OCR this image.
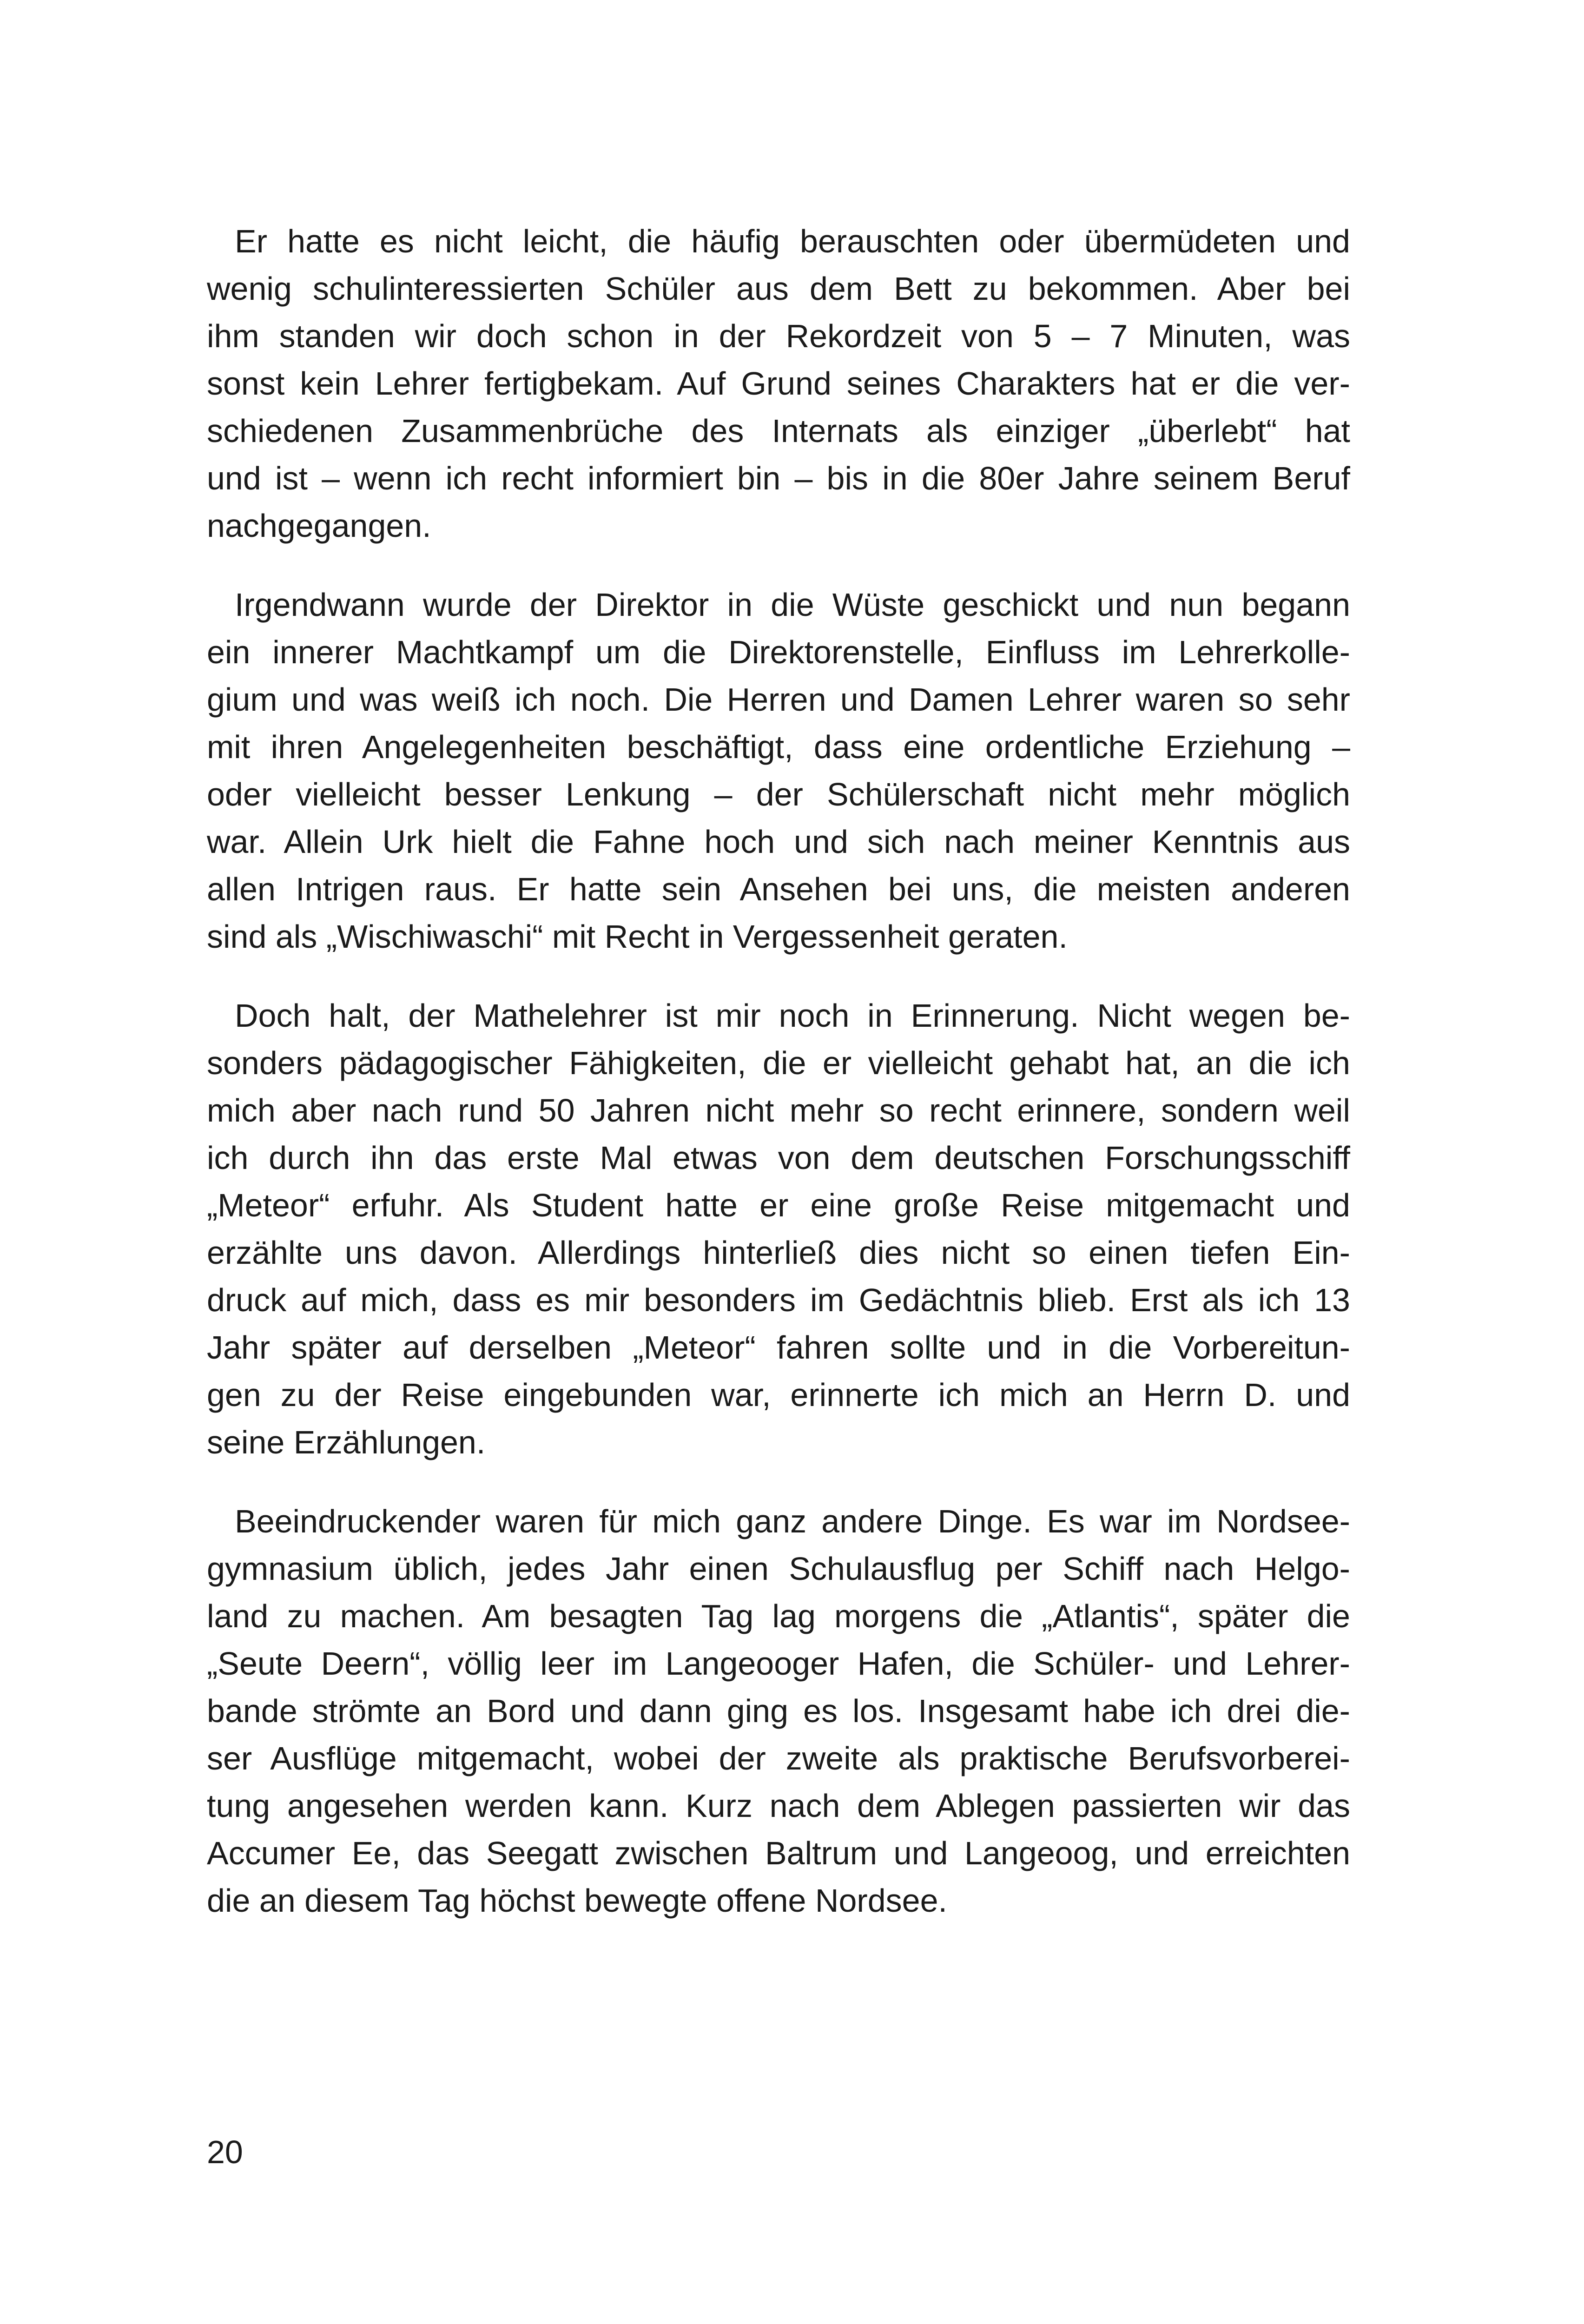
Er hatte es nicht leicht, die häufig berauschten oder übermüdeten und
wenig schulinteressierten Schüler aus dem Bett zu bekommen. Aber bei
ihm standen wir doch schon in der Rekordzeit von 5 – 7 Minuten, was
sonst kein Lehrer fertigbekam. Auf Grund seines Charakters hat er die ver-
schiedenen Zusammenbrüche des Internats als einziger „überlebt“ hat
und ist – wenn ich recht informiert bin – bis in die 80er Jahre seinem Beruf
nachgegangen.

Irgendwann wurde der Direktor in die Wüste geschickt und nun begann
ein innerer Machtkampf um die Direktorenstelle, Einfluss im Lehrerkolle-
gium und was weiß ich noch. Die Herren und Damen Lehrer waren so sehr
mit ihren Angelegenheiten beschäftigt, dass eine ordentliche Erziehung –
oder vielleicht besser Lenkung – der Schülerschaft nicht mehr möglich
war. Allein Urk hielt die Fahne hoch und sich nach meiner Kenntnis aus
allen Intrigen raus. Er hatte sein Ansehen bei uns, die meisten anderen
sind als „Wischiwaschi“ mit Recht in Vergessenheit geraten.

Doch halt, der Mathelehrer ist mir noch in Erinnerung. Nicht wegen be-
sonders pädagogischer Fähigkeiten, die er vielleicht gehabt hat, an die ich
mich aber nach rund 50 Jahren nicht mehr so recht erinnere, sondern weil
ich durch ihn das erste Mal etwas von dem deutschen Forschungsschiff
„Meteor“ erfuhr. Als Student hatte er eine große Reise mitgemacht und
erzählte uns davon. Allerdings hinterließ dies nicht so einen tiefen Ein-
druck auf mich, dass es mir besonders im Gedächtnis blieb. Erst als ich 13
Jahr später auf derselben „Meteor“ fahren sollte und in die Vorbereitun-
gen zu der Reise eingebunden war, erinnerte ich mich an Herrn D. und
seine Erzählungen.

Beeindruckender waren für mich ganz andere Dinge. Es war im Nordsee-
gymnasium üblich, jedes Jahr einen Schulausflug per Schiff nach Helgo-
land zu machen. Am besagten Tag lag morgens die „Atlantis“, später die
„Seute Deern“, völlig leer im Langeooger Hafen, die Schüler- und Lehrer-
bande strömte an Bord und dann ging es los. Insgesamt habe ich drei die-
ser Ausflüge mitgemacht, wobei der zweite als praktische Berufsvorberei-
tung angesehen werden kann. Kurz nach dem Ablegen passierten wir das
Accumer Ee, das Seegatt zwischen Baltrum und Langeoog, und erreichten
die an diesem Tag höchst bewegte offene Nordsee.

20
